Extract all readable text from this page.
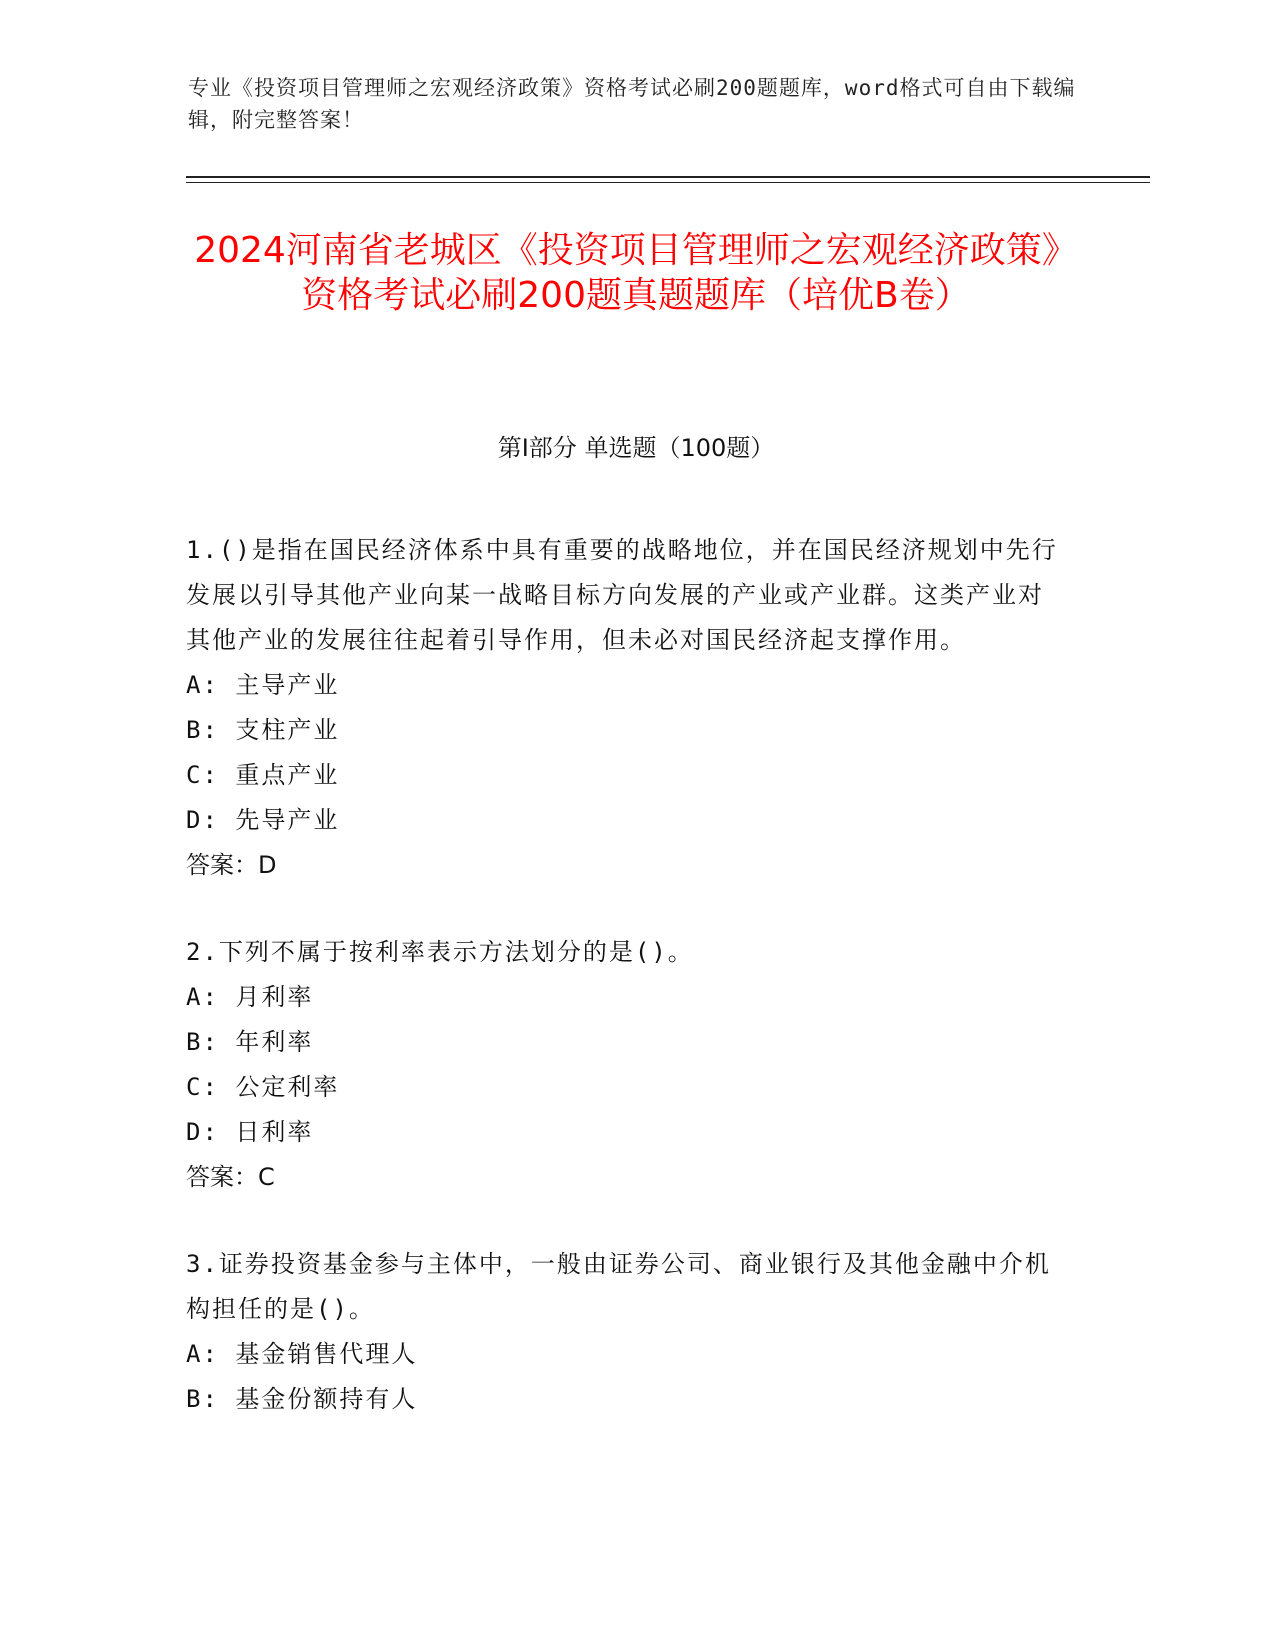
专业《投资项目管理师之宏观经济政策》资格考试必刷200题题库，word格式可自由下载编辑，附完整答案！
2024河南省老城区《投资项目管理师之宏观经济政策》资格考试必刷200题真题题库（培优B卷）
第Ⅰ部分 单选题（100题）
1.()是指在国民经济体系中具有重要的战略地位，并在国民经济规划中先行发展以引导其他产业向某一战略目标方向发展的产业或产业群。这类产业对其他产业的发展往往起着引导作用，但未必对国民经济起支撑作用。
A: 主导产业
B: 支柱产业
C: 重点产业
D: 先导产业
答案：D
2.下列不属于按利率表示方法划分的是()。
A: 月利率
B: 年利率
C: 公定利率
D: 日利率
答案：C
3.证券投资基金参与主体中，一般由证券公司、商业银行及其他金融中介机构担任的是()。
A: 基金销售代理人
B: 基金份额持有人
